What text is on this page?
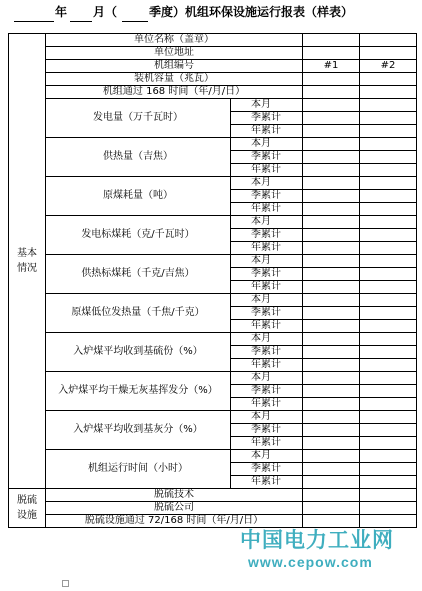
年 月（	季度）机组环保设施运行报表（样表）
基本
情况	单位名称（盖章）			
	单位地址			
	机组编号		#1	#2
	装机容量（兆瓦）			
	机组通过 168 时间（年/月/日）			
	发电量（万千瓦时）	本月		
		季累计		
		年累计		
	供热量（吉焦）	本月		
		季累计		
		年累计		
	原煤耗量（吨）	本月		
		季累计		
		年累计		
	发电标煤耗（克/千瓦时）	本月		
		季累计		
		年累计		
	供热标煤耗（千克/吉焦）	本月		
		季累计		
		年累计		
	原煤低位发热量（千焦/千克）	本月		
		季累计		
		年累计		
	入炉煤平均收到基硫份（%）	本月		
		季累计		
		年累计		
	入炉煤平均干燥无灰基挥发分（%）	本月		
		季累计		
		年累计		
	入炉煤平均收到基灰分（%）	本月		
		季累计		
		年累计		
	机组运行时间（小时）	本月		
		季累计		
		年累计		
脱硫
设施	脱硫技术			
	脱硫公司			
	脱硫设施通过 72/168 时间（年/月/日）			
中国电力工业网
www.cepow.com
